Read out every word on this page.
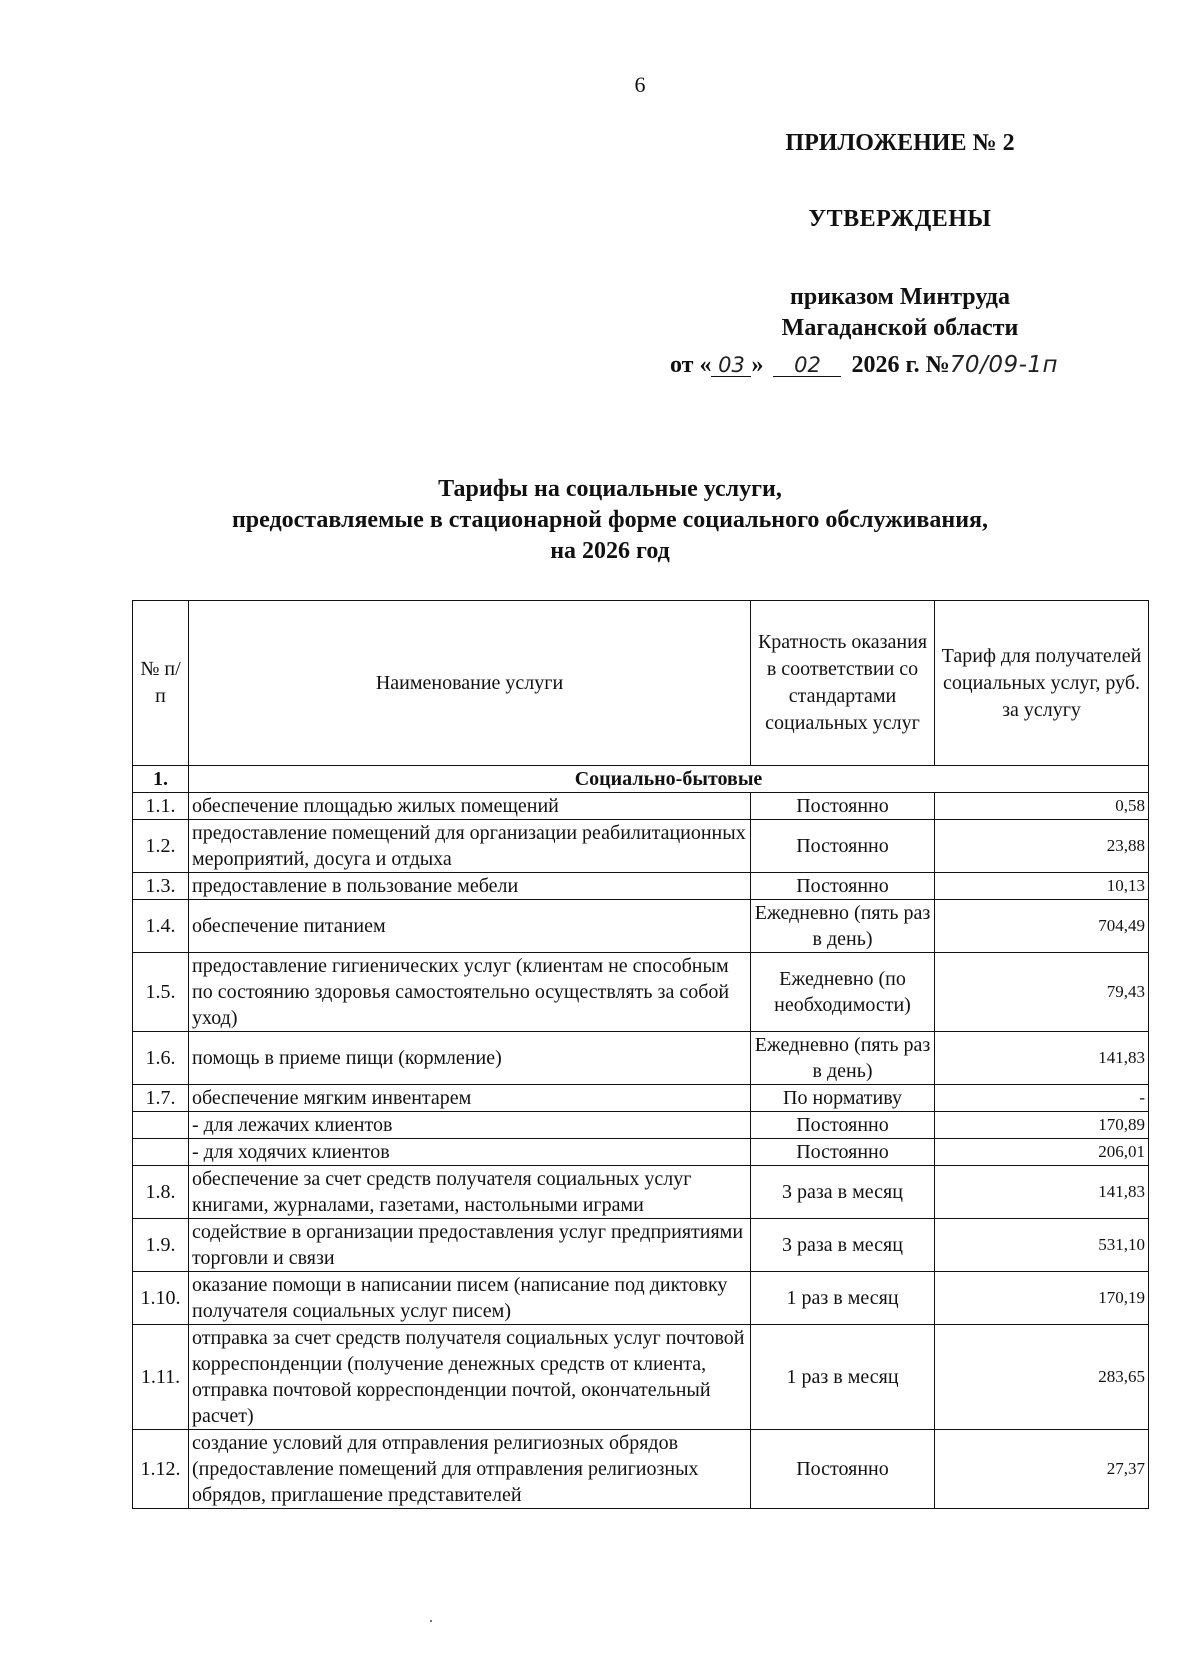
6
ПРИЛОЖЕНИЕ № 2
УТВЕРЖДЕНЫ
приказом Минтруда
Магаданской области
от « 03 » 02 2026 г. №70/09-1п
Тарифы на социальные услуги,
предоставляемые в стационарной форме социального обслуживания,
на 2026 год
№ п/п	Наименование услуги	Кратность оказания в соответствии со стандартами социальных услуг	Тариф для получателей социальных услуг, руб. за услугу
1.	Социально-бытовые		
1.1.	обеспечение площадью жилых помещений	Постоянно	0,58
1.2.	предоставление помещений для организации реабилитационных мероприятий, досуга и отдыха	Постоянно	23,88
1.3.	предоставление в пользование мебели	Постоянно	10,13
1.4.	обеспечение питанием	Ежедневно (пять раз в день)	704,49
1.5.	предоставление гигиенических услуг (клиентам не способным по состоянию здоровья самостоятельно осуществлять за собой уход)	Ежедневно (по необходимости)	79,43
1.6.	помощь в приеме пищи (кормление)	Ежедневно (пять раз в день)	141,83
1.7.	обеспечение мягким инвентарем	По нормативу	-
	- для лежачих клиентов	Постоянно	170,89
	- для ходячих клиентов	Постоянно	206,01
1.8.	обеспечение за счет средств получателя социальных услуг книгами, журналами, газетами, настольными играми	3 раза в месяц	141,83
1.9.	содействие в организации предоставления услуг предприятиями торговли и связи	3 раза в месяц	531,10
1.10.	оказание помощи в написании писем (написание под диктовку получателя социальных услуг писем)	1 раз в месяц	170,19
1.11.	отправка за счет средств получателя социальных услуг почтовой корреспонденции (получение денежных средств от клиента, отправка почтовой корреспонденции почтой, окончательный расчет)	1 раз в месяц	283,65
1.12.	создание условий для отправления религиозных обрядов (предоставление помещений для отправления религиозных обрядов, приглашение представителей	Постоянно	27,37
